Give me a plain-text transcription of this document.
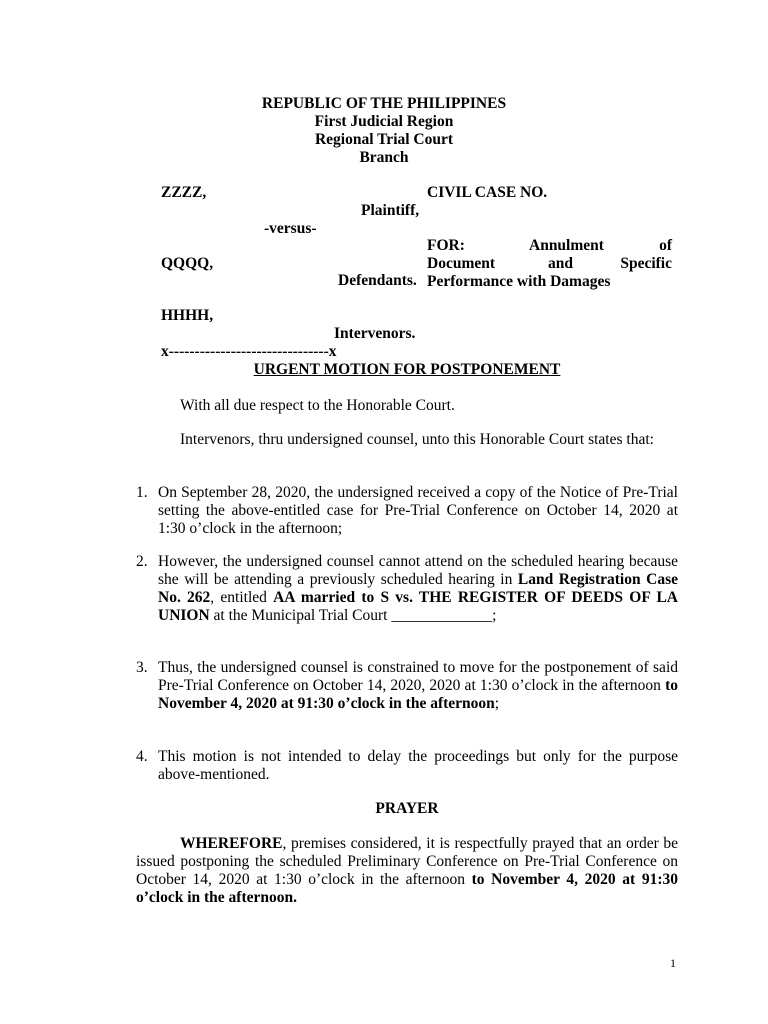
REPUBLIC OF THE PHILIPPINES
First Judicial Region
Regional Trial Court
Branch
ZZZZ,
Plaintiff,
-versus-
QQQQ,
Defendants.
HHHH,
Intervenors.
x-------------------------------x
CIVIL CASE NO.
FOR:	Annulment	of
Document	and	Specific
Performance with Damages
URGENT MOTION FOR POSTPONEMENT
With all due respect to the Honorable Court.
Intervenors, thru undersigned counsel, unto this Honorable Court states that:
1. On September 28, 2020, the undersigned received a copy of the Notice of Pre-Trial setting the above-entitled case for Pre-Trial Conference on October 14, 2020 at 1:30 o’clock in the afternoon;
2. However, the undersigned counsel cannot attend on the scheduled hearing because she will be attending a previously scheduled hearing in Land Registration Case No. 262, entitled AA married to S vs. THE REGISTER OF DEEDS OF LA UNION at the Municipal Trial Court _____________;
3. Thus, the undersigned counsel is constrained to move for the postponement of said Pre-Trial Conference on October 14, 2020, 2020 at 1:30 o’clock in the afternoon to November 4, 2020 at 91:30 o’clock in the afternoon;
4. This motion is not intended to delay the proceedings but only for the purpose above-mentioned.
PRAYER
WHEREFORE, premises considered, it is respectfully prayed that an order be issued postponing the scheduled Preliminary Conference on Pre-Trial Conference on October 14, 2020 at 1:30 o’clock in the afternoon to November 4, 2020 at 91:30 o’clock in the afternoon.
1
